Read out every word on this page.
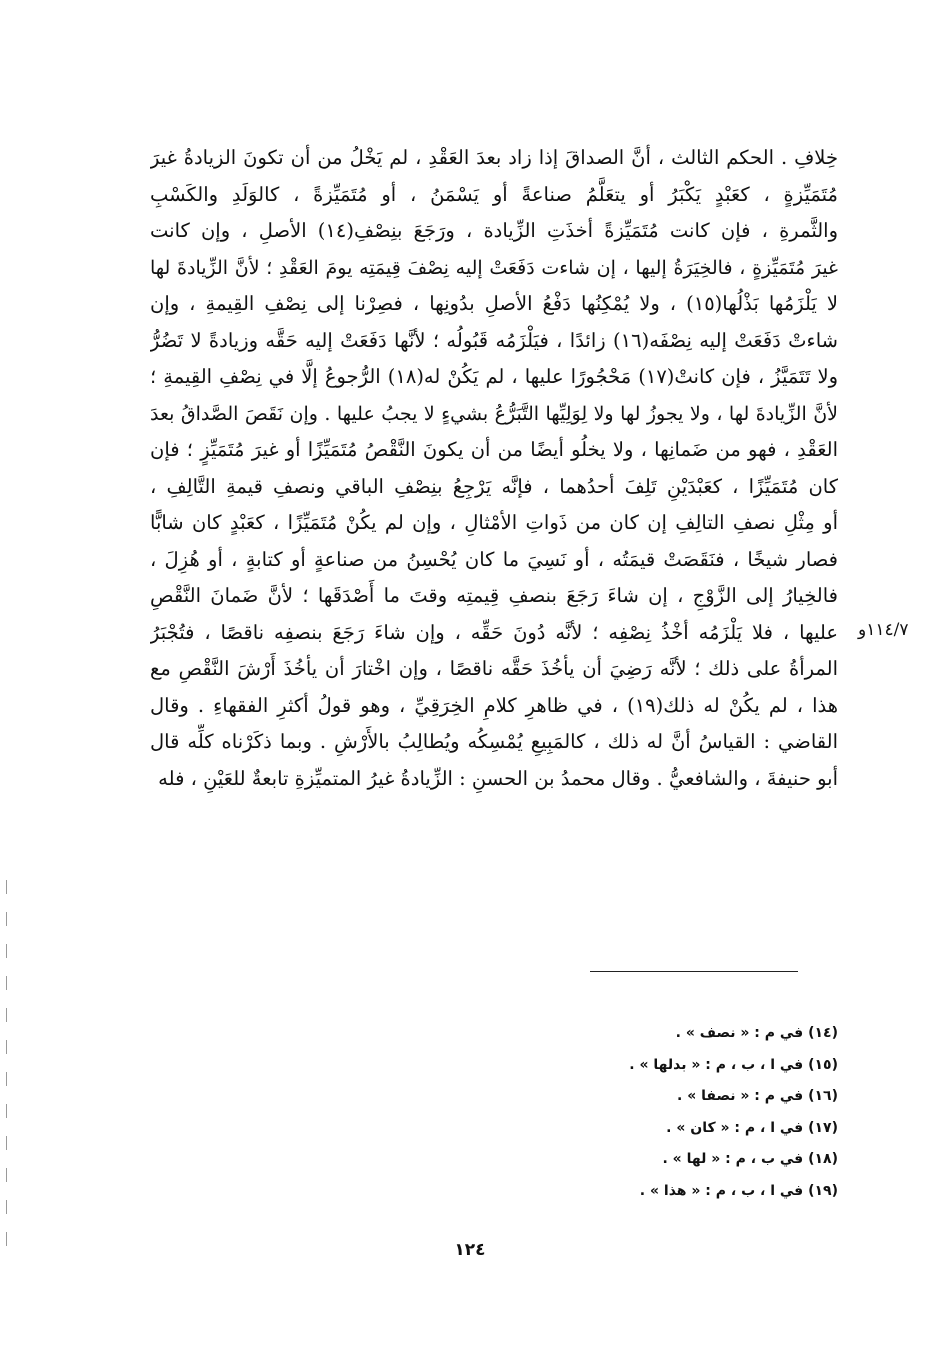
خِلافِ . الحكم الثالث ، أنَّ الصداقَ إذا زاد بعدَ العَقْدِ ، لم يَخْلُ من أن تكونَ الزيادةُ غيرَ
مُتَمَيِّزةٍ ، كعَبْدٍ يَكْبَرُ أو يتعَلَّمُ صناعةً أو يَسْمَنُ ، أو مُتَمَيِّزةً ، كالوَلَدِ والكَسْبِ
والثَّمرةِ ، فإن كانت مُتَمَيِّزةً أخذَتِ الزِّيادة ، ورَجَعَ بنِصْفِ(١٤) الأصلِ ، وإن كانت
غيرَ مُتَمَيِّزةٍ ، فالخِيَرَةُ إليها ، إن شاءت دَفَعَتْ إليه نِصْفَ قِيمَتِه يومَ العَقْدِ ؛ لأنَّ الزِّيادةَ لها
لا يَلْزَمُها بَذْلُها(١٥) ، ولا يُمْكِنُها دَفْعُ الأصلِ بدُونِها ، فصِرْنا إلى نِصْفِ القِيمةِ ، وإن
شاءتْ دَفَعَتْ إليه نِصْفَه(١٦) زائدًا ، فيَلْزَمُه قَبُولُه ؛ لأنَّها دَفَعَتْ إليه حَقَّه وزيادةً لا تَضُرُّ
ولا تَتَمَيَّزُ ، فإن كانتْ(١٧) مَحْجُورًا عليها ، لم يَكُنْ له(١٨) الرُّجوعُ إلَّا في نِصْفِ القِيمةِ ؛
لأنَّ الزِّيادةَ لها ، ولا يجوزُ لها ولا لِوَلِيِّها التَّبَرُّعُ بشيءٍ لا يجبُ عليها . وإن نَقَصَ الصَّداقُ بعدَ
العَقْدِ ، فهو من ضَمانِها ، ولا يخلُو أيضًا من أن يكونَ النَّقْصُ مُتَمَيِّزًا أو غيرَ مُتَمَيِّزٍ ؛ فإن
كان مُتَمَيِّزًا ، كعَبْدَيْنِ تَلِفَ أحدُهما ، فإنَّه يَرْجِعُ بنِصْفِ الباقي ونصفِ قيمةِ التَّالِفِ ،
أو مِثْلِ نصفِ التالِفِ إن كان من ذَواتِ الأمْثالِ ، وإن لم يكُنْ مُتَمَيِّزًا ، كعَبْدٍ كان شابًّا
فصار شيخًا ، فنَقَصَتْ قيمَتُه ، أو نَسِيَ ما كان يُحْسِنُ من صناعةٍ أو كتابةٍ ، أو هُزِلَ ،
فالخِيارُ إلى الزَّوْجِ ، إن شاءَ رَجَعَ بنصفِ قِيمتِه وقتَ ما أَصْدَقَها ؛ لأنَّ ضَمانَ النَّقْصِ
عليها ، فلا يَلْزَمُه أخْذُ نِصْفِه ؛ لأنَّه دُونَ حَقِّه ، وإن شاءَ رَجَعَ بنصفِه ناقصًا ، فتُجْبَرُ
المرأةُ على ذلك ؛ لأنَّه رَضِيَ أن يأخُذَ حَقَّه ناقصًا ، وإن اخْتارَ أن يأخُذَ أَرْشَ النَّقْصِ مع
هذا ، لم يكُنْ له ذلك(١٩) ، في ظاهرِ كلامِ الخِرَقِيِّ ، وهو قولُ أكثرِ الفقهاءِ . وقال
القاضي : القياسُ أنَّ له ذلك ، كالمَبِيعِ يُمْسِكُه ويُطالِبُ بالأَرْشِ . وبما ذكَرْناه كلِّه قال
أبو حنيفةَ ، والشافعيُّ . وقال محمدُ بن الحسنِ : الزِّيادةُ غيرُ المتميِّزةِ تابعةٌ للعَيْنِ ، فله
١١٤/٧و
(١٤) في م : « نصف » .
(١٥) في ا ، ب ، م : « بدلها » .
(١٦) في م : « نصفا » .
(١٧) في ا ، م : « كان » .
(١٨) في ب ، م : « لها » .
(١٩) في ا ، ب ، م : « هذا » .
١٢٤
